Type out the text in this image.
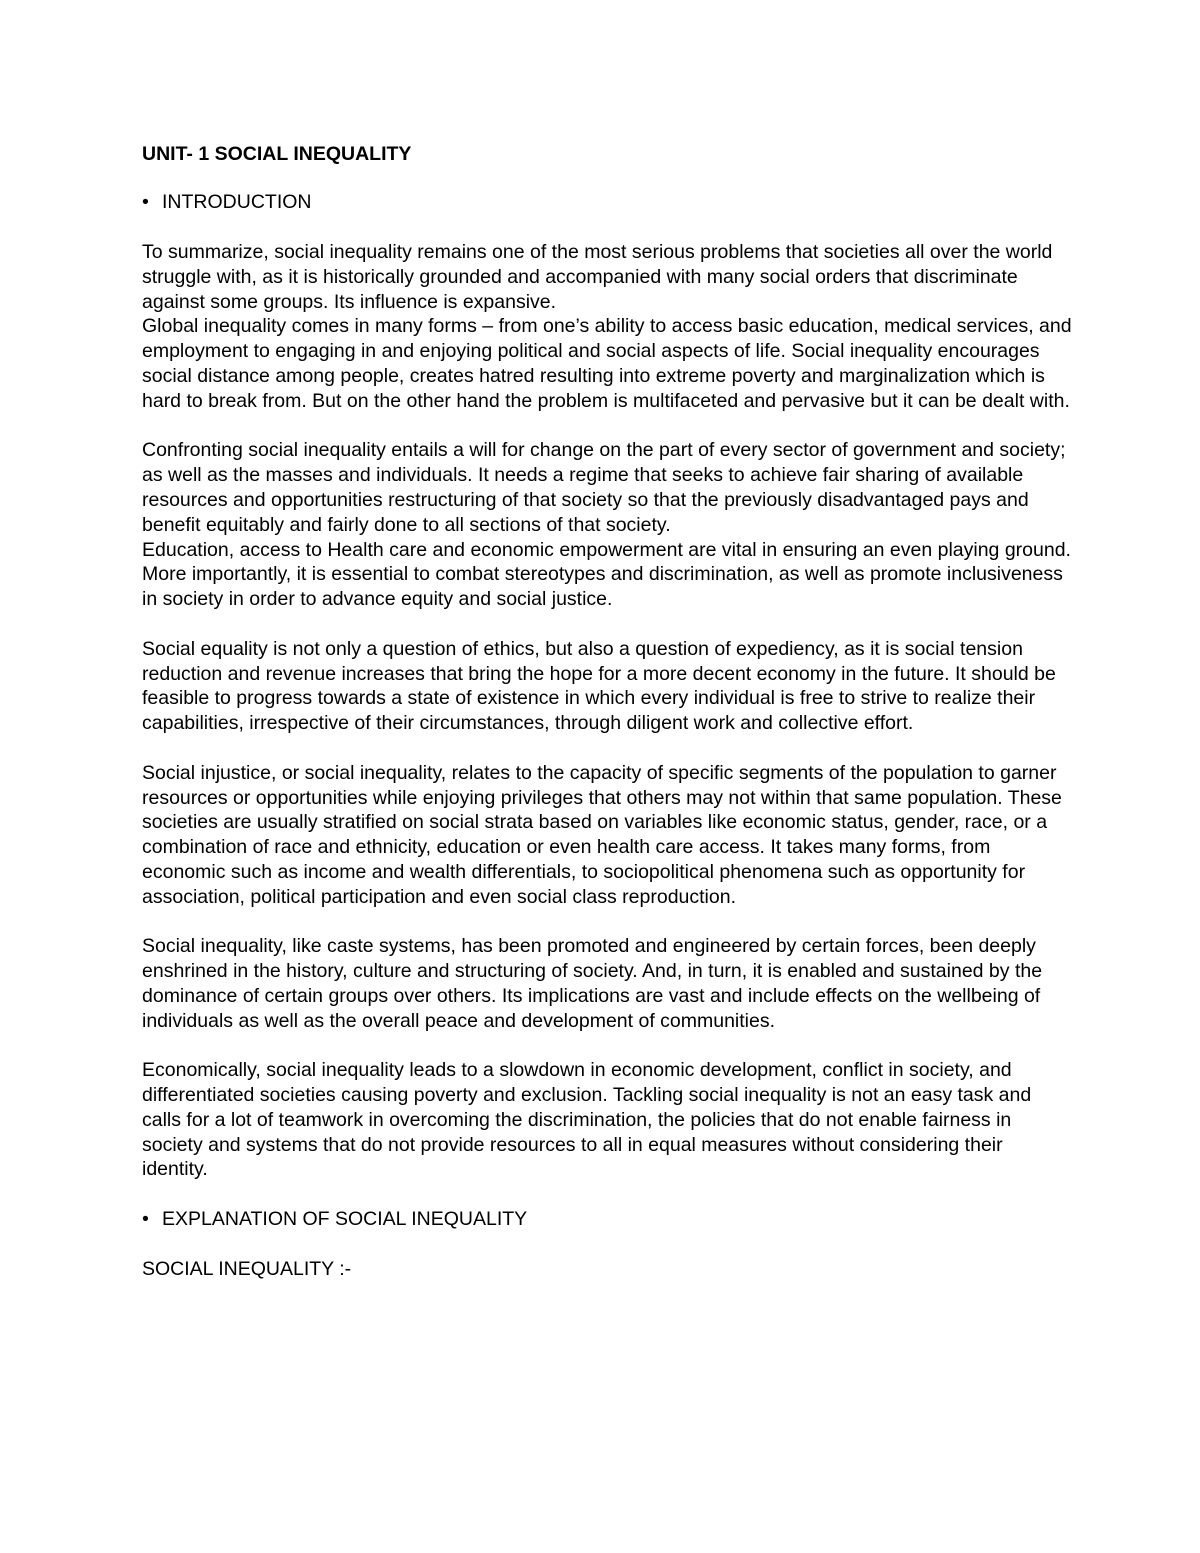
UNIT- 1 SOCIAL INEQUALITY
• INTRODUCTION

To summarize, social inequality remains one of the most serious problems that societies all over the world struggle with, as it is historically grounded and accompanied with many social orders that discriminate against some groups. Its influence is expansive.

Global inequality comes in many forms – from one’s ability to access basic education, medical services, and employment to engaging in and enjoying political and social aspects of life. Social inequality encourages social distance among people, creates hatred resulting into extreme poverty and marginalization which is hard to break from. But on the other hand the problem is multifaceted and pervasive but it can be dealt with.

Confronting social inequality entails a will for change on the part of every sector of government and society; as well as the masses and individuals. It needs a regime that seeks to achieve fair sharing of available resources and opportunities restructuring of that society so that the previously disadvantaged pays and benefit equitably and fairly done to all sections of that society.

Education, access to Health care and economic empowerment are vital in ensuring an even playing ground. More importantly, it is essential to combat stereotypes and discrimination, as well as promote inclusiveness in society in order to advance equity and social justice.

Social equality is not only a question of ethics, but also a question of expediency, as it is social tension reduction and revenue increases that bring the hope for a more decent economy in the future. It should be feasible to progress towards a state of existence in which every individual is free to strive to realize their capabilities, irrespective of their circumstances, through diligent work and collective effort.

Social injustice, or social inequality, relates to the capacity of specific segments of the population to garner resources or opportunities while enjoying privileges that others may not within that same population. These societies are usually stratified on social strata based on variables like economic status, gender, race, or a combination of race and ethnicity, education or even health care access. It takes many forms, from economic such as income and wealth differentials, to sociopolitical phenomena such as opportunity for association, political participation and even social class reproduction.

Social inequality, like caste systems, has been promoted and engineered by certain forces, been deeply enshrined in the history, culture and structuring of society. And, in turn, it is enabled and sustained by the dominance of certain groups over others. Its implications are vast and include effects on the wellbeing of individuals as well as the overall peace and development of communities.

Economically, social inequality leads to a slowdown in economic development, conflict in society, and differentiated societies causing poverty and exclusion. Tackling social inequality is not an easy task and calls for a lot of teamwork in overcoming the discrimination, the policies that do not enable fairness in society and systems that do not provide resources to all in equal measures without considering their identity.

• EXPLANATION OF SOCIAL INEQUALITY
SOCIAL INEQUALITY :-
